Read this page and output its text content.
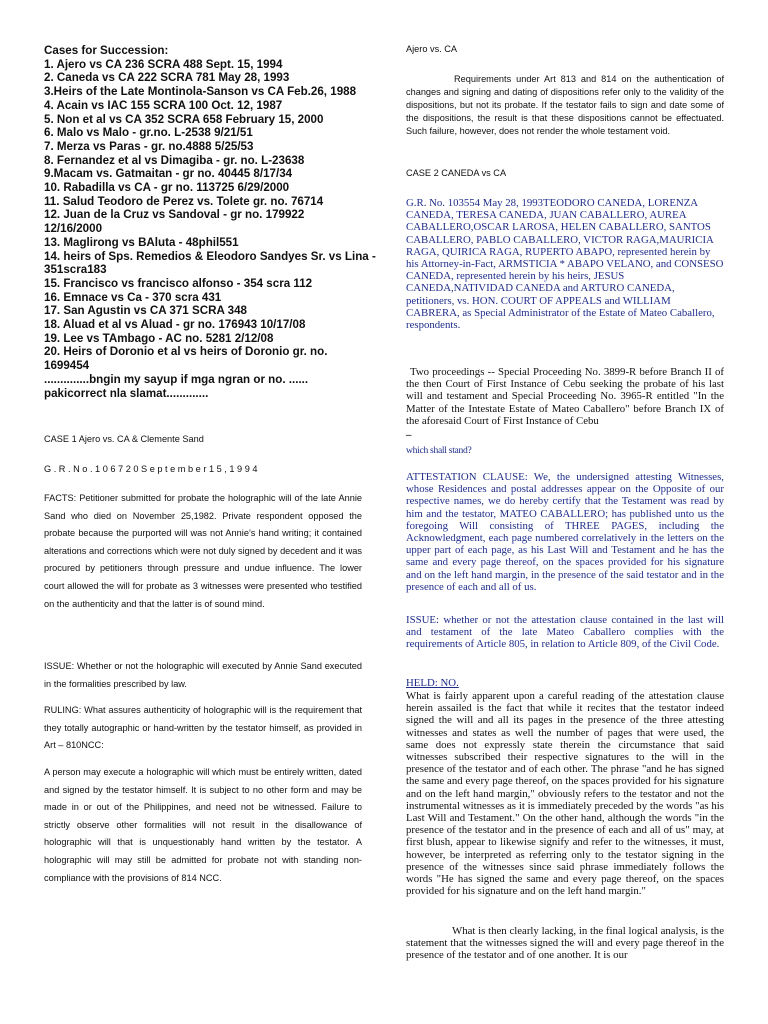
Cases for Succession:
1. Ajero vs CA 236 SCRA 488 Sept. 15, 1994
2. Caneda vs CA 222 SCRA 781 May 28, 1993
3.Heirs of the Late Montinola-Sanson vs CA Feb.26, 1988
4. Acain vs IAC 155 SCRA 100 Oct. 12, 1987
5. Non et al vs CA 352 SCRA 658 February 15, 2000
6. Malo vs Malo - gr.no. L-2538 9/21/51
7. Merza vs Paras - gr. no.4888 5/25/53
8. Fernandez et al vs Dimagiba - gr. no. L-23638
9.Macam vs. Gatmaitan - gr no. 40445 8/17/34
10. Rabadilla vs CA - gr no. 113725 6/29/2000
11. Salud Teodoro de Perez vs. Tolete gr. no. 76714
12. Juan de la Cruz vs Sandoval - gr no. 179922
12/16/2000
13. Maglirong vs BAluta - 48phil551
14. heirs of Sps. Remedios & Eleodoro Sandyes Sr. vs Lina -
351scra183
15. Francisco vs francisco alfonso - 354 scra 112
16. Emnace vs Ca - 370 scra 431
17. San Agustin vs CA 371 SCRA 348
18. Aluad et al vs Aluad - gr no. 176943 10/17/08
19. Lee vs TAmbago - AC no. 5281 2/12/08
20. Heirs of Doronio et al vs heirs of Doronio gr. no.
1699454
..............bngin my sayup if mga ngran or no. ......
pakicorrect nla slamat.............

CASE 1 Ajero vs. CA & Clemente Sand

G . R . N o . 1 0 6 7 2 0 S e p t e m b e r 1 5 , 1 9 9 4

FACTS: Petitioner submitted for probate the holographic will of the late Annie Sand who died on November 25,1982. Private respondent opposed the probate because the purported will was not Annie’s hand writing; it contained alterations and corrections which were not duly signed by decedent and it was procured by petitioners through pressure and undue influence. The lower court allowed the will for probate as 3 witnesses were presented who testified on the authenticity and that the latter is of sound mind.

ISSUE: Whether or not the holographic will executed by Annie Sand executed in the formalities prescribed by law.

RULING: What assures authenticity of holographic will is the requirement that they totally autographic or hand-written by the testator himself, as provided in Art – 810NCC:

A person may execute a holographic will which must be entirely written, dated and signed by the testator himself. It is subject to no other form and may be made in or out of the Philippines, and need not be witnessed. Failure to strictly observe other formalities will not result in the disallowance of holographic will that is unquestionably hand written by the testator. A holographic will may still be admitted for probate not with standing non-compliance with the provisions of 814 NCC.

Ajero vs. CA

Requirements under Art 813 and 814 on the authentication of changes and signing and dating of dispositions refer only to the validity of the dispositions, but not its probate. If the testator fails to sign and date some of the dispositions, the result is that these dispositions cannot be effectuated. Such failure, however, does not render the whole testament void.

CASE 2 CANEDA vs CA

G.R. No. 103554 May 28, 1993TEODORO CANEDA, LORENZA CANEDA, TERESA CANEDA, JUAN CABALLERO, AUREA CABALLERO,OSCAR LAROSA, HELEN CABALLERO, SANTOS CABALLERO, PABLO CABALLERO, VICTOR RAGA,MAURICIA RAGA, QUIRICA RAGA, RUPERTO ABAPO, represented herein by his Attorney-in-Fact, ARMSTICIA * ABAPO VELANO, and CONSESO CANEDA, represented herein by his heirs, JESUS CANEDA,NATIVIDAD CANEDA and ARTURO CANEDA, petitioners, vs. HON. COURT OF APPEALS and WILLIAM CABRERA, as Special Administrator of the Estate of Mateo Caballero, respondents.

Two proceedings -- Special Proceeding No. 3899-R before Branch II of the then Court of First Instance of Cebu seeking the probate of his last will and testament and Special Proceeding No. 3965-R entitled "In the Matter of the Intestate Estate of Mateo Caballero" before Branch IX of the aforesaid Court of First Instance of Cebu

–

which shall stand?

ATTESTATION CLAUSE: We, the undersigned attesting Witnesses, whose Residences and postal addresses appear on the Opposite of our respective names, we do hereby certify that the Testament was read by him and the testator, MATEO CABALLERO; has published unto us the foregoing Will consisting of THREE PAGES, including the Acknowledgment, each page numbered correlatively in the letters on the upper part of each page, as his Last Will and Testament and he has the same and every page thereof, on the spaces provided for his signature and on the left hand margin, in the presence of the said testator and in the presence of each and all of us.

ISSUE: whether or not the attestation clause contained in the last will and testament of the late Mateo Caballero complies with the requirements of Article 805, in relation to Article 809, of the Civil Code.

HELD: NO.

What is fairly apparent upon a careful reading of the attestation clause herein assailed is the fact that while it recites that the testator indeed signed the will and all its pages in the presence of the three attesting witnesses and states as well the number of pages that were used, the same does not expressly state therein the circumstance that said witnesses subscribed their respective signatures to the will in the presence of the testator and of each other. The phrase "and he has signed the same and every page thereof, on the spaces provided for his signature and on the left hand margin," obviously refers to the testator and not the instrumental witnesses as it is immediately preceded by the words "as his Last Will and Testament." On the other hand, although the words "in the presence of the testator and in the presence of each and all of us" may, at first blush, appear to likewise signify and refer to the witnesses, it must, however, be interpreted as referring only to the testator signing in the presence of the witnesses since said phrase immediately follows the words "He has signed the same and every page thereof, on the spaces provided for his signature and on the left hand margin."

What is then clearly lacking, in the final logical analysis, is the statement that the witnesses signed the will and every page thereof in the presence of the testator and of one another. It is our
